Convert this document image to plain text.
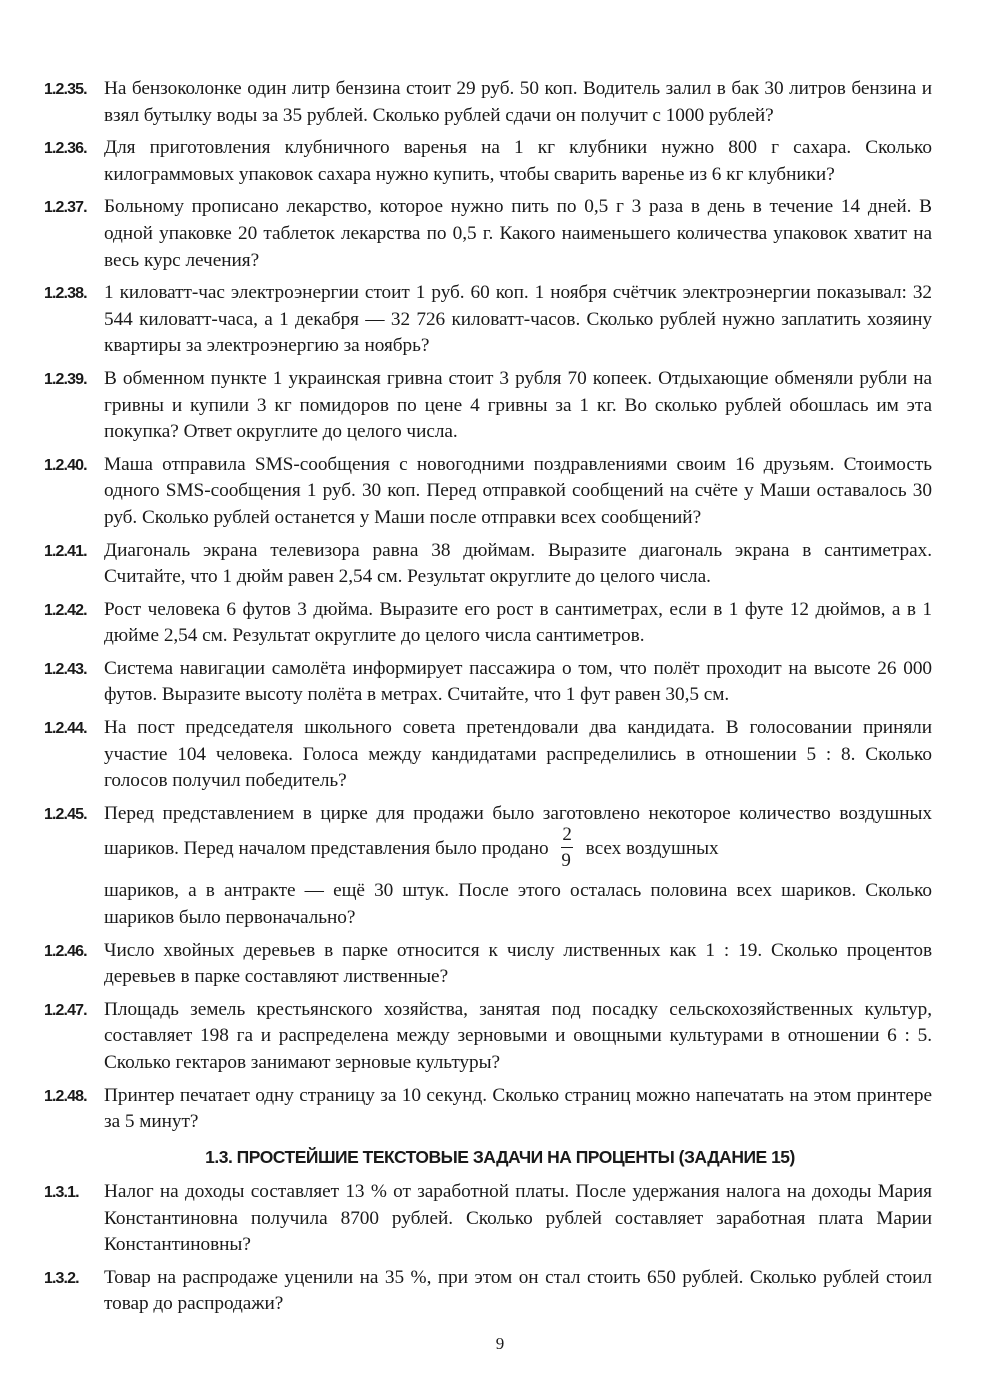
1.2.35. На бензоколонке один литр бензина стоит 29 руб. 50 коп. Водитель залил в бак 30 литров бензина и взял бутылку воды за 35 рублей. Сколько рублей сдачи он получит с 1000 рублей?
1.2.36. Для приготовления клубничного варенья на 1 кг клубники нужно 800 г сахара. Сколько килограммовых упаковок сахара нужно купить, чтобы сварить варенье из 6 кг клубники?
1.2.37. Больному прописано лекарство, которое нужно пить по 0,5 г 3 раза в день в течение 14 дней. В одной упаковке 20 таблеток лекарства по 0,5 г. Какого наименьшего количества упаковок хватит на весь курс лечения?
1.2.38. 1 киловатт-час электроэнергии стоит 1 руб. 60 коп. 1 ноября счётчик электроэнергии показывал: 32 544 киловатт-часа, а 1 декабря — 32 726 киловатт-часов. Сколько рублей нужно заплатить хозяину квартиры за электроэнергию за ноябрь?
1.2.39. В обменном пункте 1 украинская гривна стоит 3 рубля 70 копеек. Отдыхающие обменяли рубли на гривны и купили 3 кг помидоров по цене 4 гривны за 1 кг. Во сколько рублей обошлась им эта покупка? Ответ округлите до целого числа.
1.2.40. Маша отправила SMS-сообщения с новогодними поздравлениями своим 16 друзьям. Стоимость одного SMS-сообщения 1 руб. 30 коп. Перед отправкой сообщений на счёте у Маши оставалось 30 руб. Сколько рублей останется у Маши после отправки всех сообщений?
1.2.41. Диагональ экрана телевизора равна 38 дюймам. Выразите диагональ экрана в сантиметрах. Считайте, что 1 дюйм равен 2,54 см. Результат округлите до целого числа.
1.2.42. Рост человека 6 футов 3 дюйма. Выразите его рост в сантиметрах, если в 1 футе 12 дюймов, а в 1 дюйме 2,54 см. Результат округлите до целого числа сантиметров.
1.2.43. Система навигации самолёта информирует пассажира о том, что полёт проходит на высоте 26 000 футов. Выразите высоту полёта в метрах. Считайте, что 1 фут равен 30,5 см.
1.2.44. На пост председателя школьного совета претендовали два кандидата. В голосовании приняли участие 104 человека. Голоса между кандидатами распределились в отношении 5 : 8. Сколько голосов получил победитель?
1.2.45. Перед представлением в цирке для продажи было заготовлено некоторое количество воздушных шариков. Перед началом представления было продано $\frac{2}{9}$ всех воздушных
шариков, а в антракте — ещё 30 штук. После этого осталась половина всех шариков. Сколько шариков было первоначально?
1.2.46. Число хвойных деревьев в парке относится к числу лиственных как 1 : 19. Сколько процентов деревьев в парке составляют лиственные?
1.2.47. Площадь земель крестьянского хозяйства, занятая под посадку сельскохозяйственных культур, составляет 198 га и распределена между зерновыми и овощными культурами в отношении 6 : 5. Сколько гектаров занимают зерновые культуры?
1.2.48. Принтер печатает одну страницу за 10 секунд. Сколько страниц можно напечатать на этом принтере за 5 минут?
1.3. ПРОСТЕЙШИЕ ТЕКСТОВЫЕ ЗАДАЧИ НА ПРОЦЕНТЫ (ЗАДАНИЕ 15)
1.3.1.	Налог на доходы составляет 13 % от заработной платы. После удержания налога на доходы Мария Константиновна получила 8700 рублей. Сколько рублей составляет заработная плата Марии Константиновны?
1.3.2.	Товар на распродаже уценили на 35 %, при этом он стал стоить 650 рублей. Сколько рублей стоил товар до распродажи?
9
